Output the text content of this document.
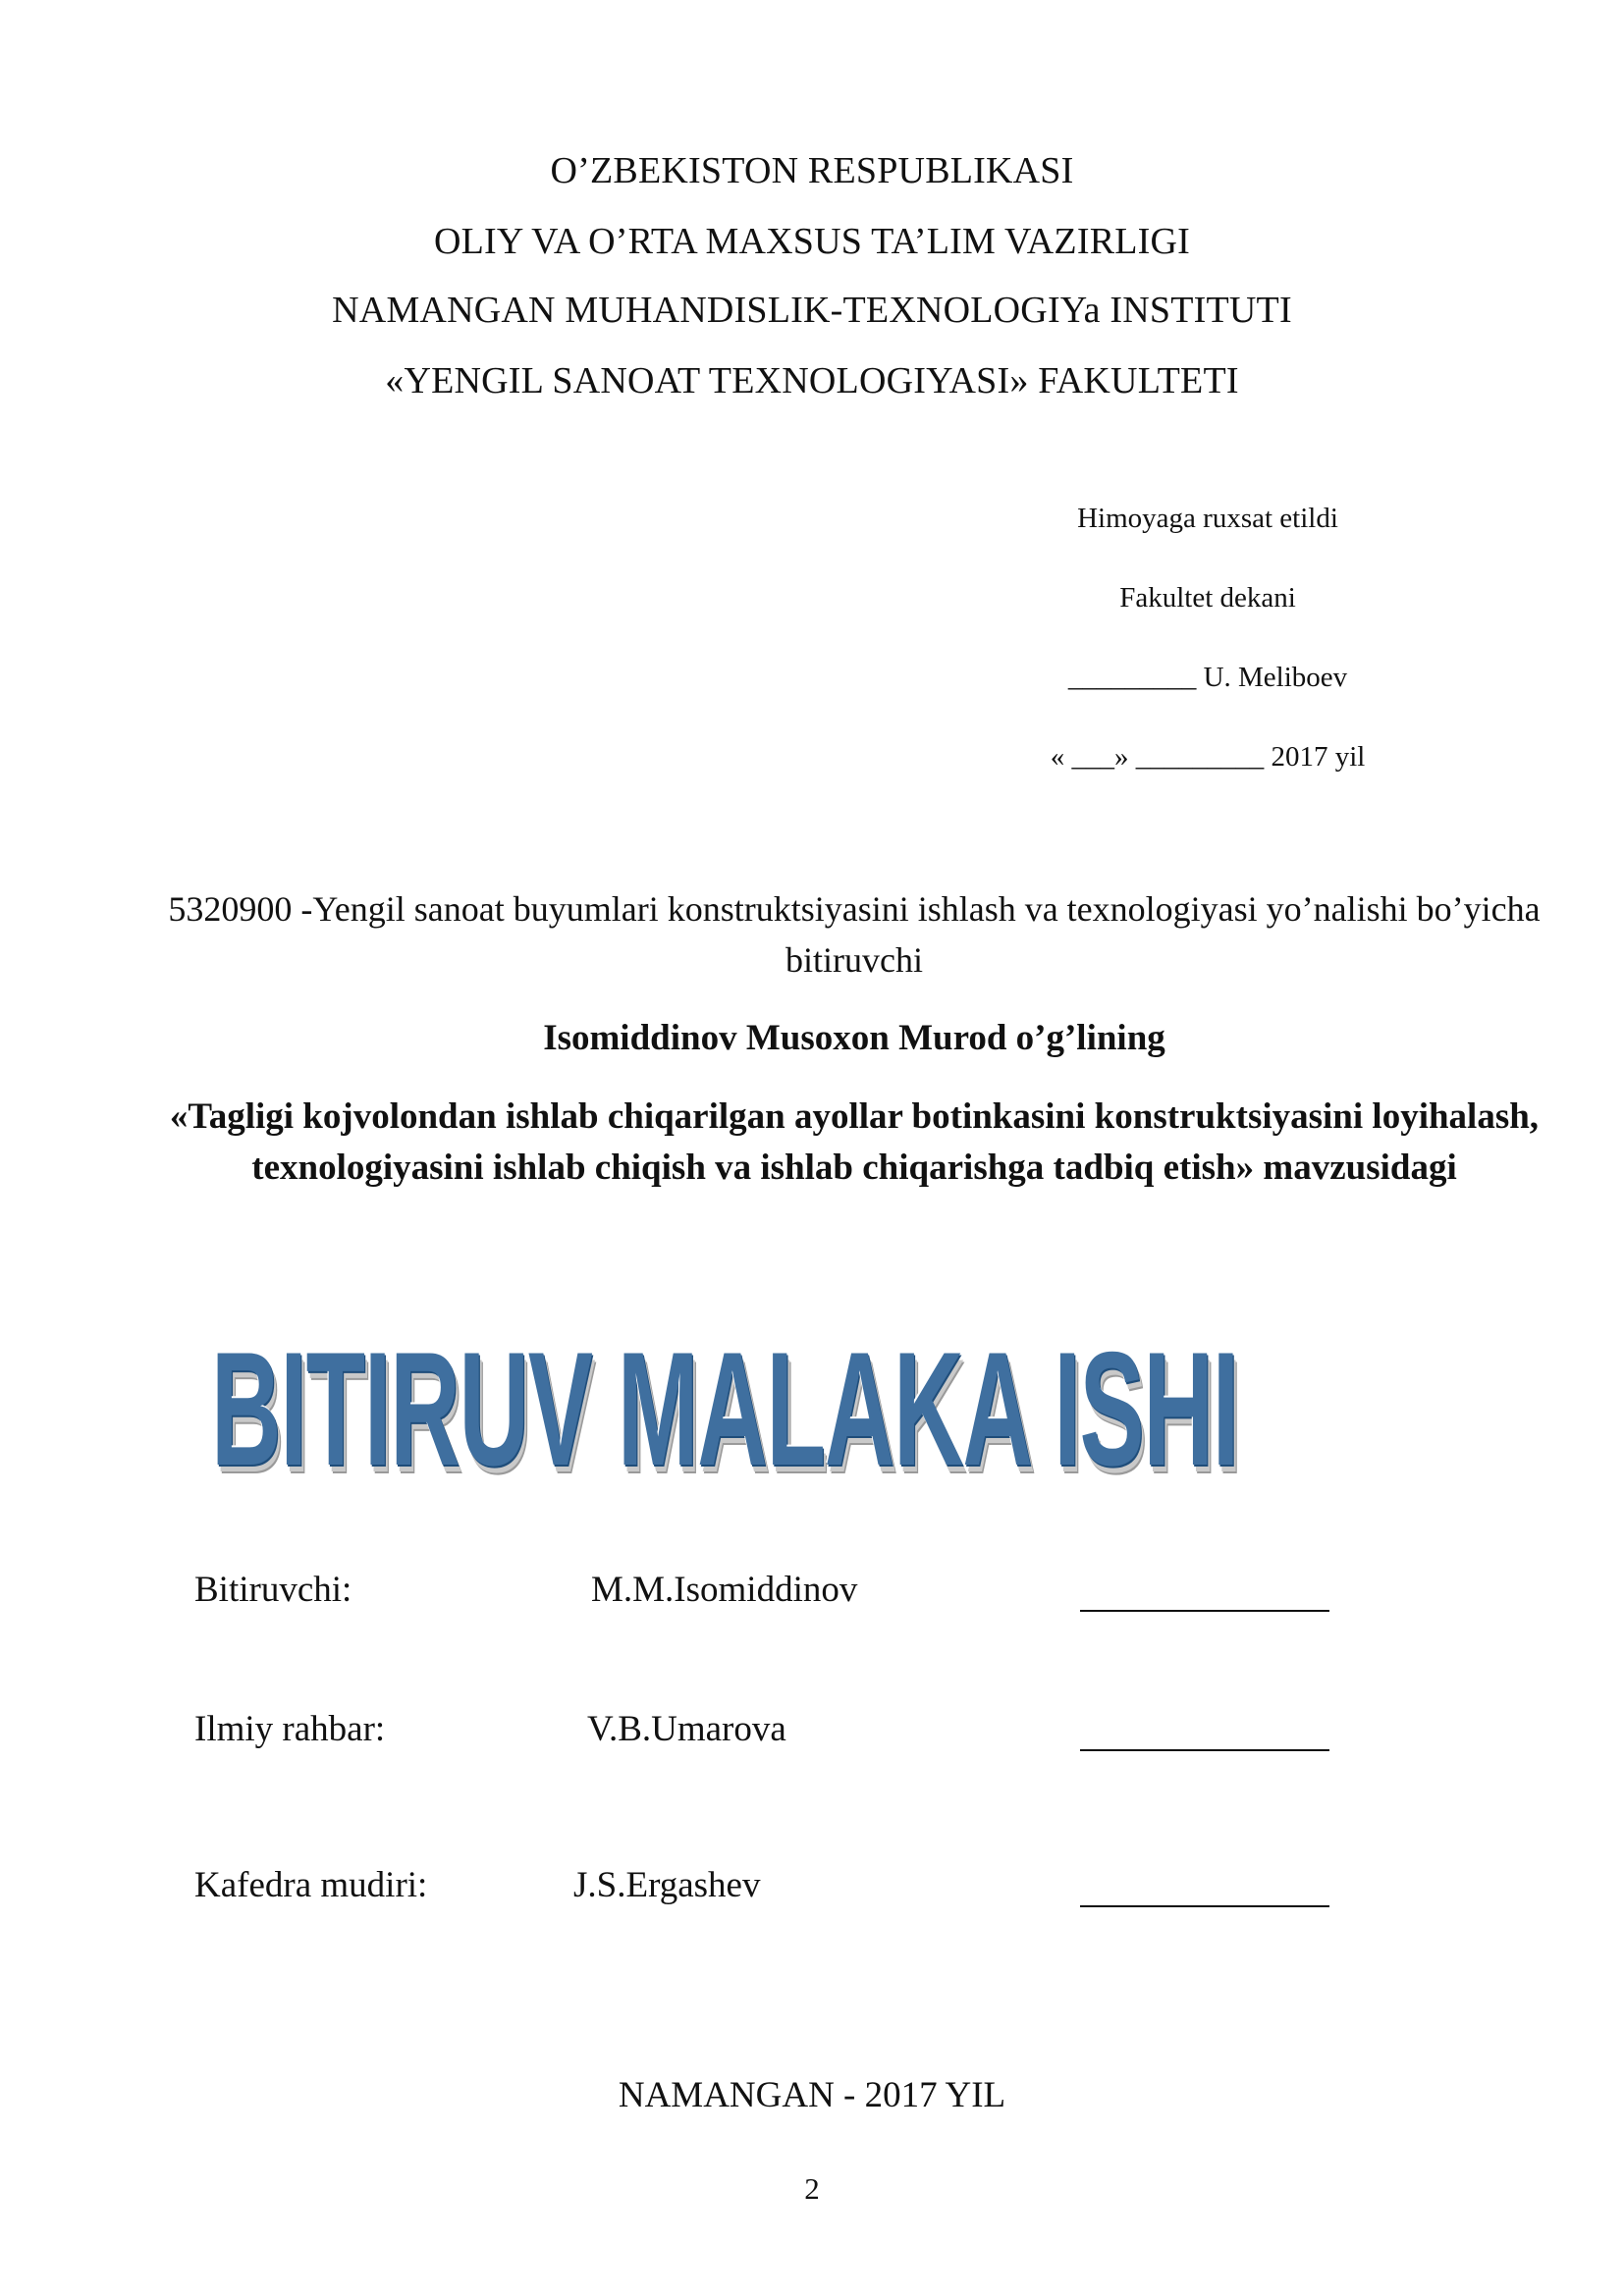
O’ZBEKISTON RESPUBLIKASI
OLIY VA O’RTA MAXSUS TA’LIM VAZIRLIGI
NAMANGAN MUHANDISLIK-TEXNOLOGIYa INSTITUTI
«YENGIL SANOAT TEXNOLOGIYASI» FAKULTETI
Himoyaga ruxsat etildi
Fakultet dekani
_________ U. Meliboev
« ___» _________ 2017 yil
5320900 -Yengil sanoat buyumlari konstruktsiyasini ishlash va texnologiyasi yo’nalishi bo’yicha bitiruvchi
Isomiddinov Musoxon Murod o’g’lining
«Tagligi kojvolondan ishlab chiqarilgan ayollar botinkasini konstruktsiyasini loyihalash, texnologiyasini ishlab chiqish va ishlab chiqarishga tadbiq etish» mavzusidagi
BITIRUV MALAKA ISHI
Bitiruvchi:	M.M.Isomiddinov
Ilmiy rahbar:	V.B.Umarova
Kafedra mudiri:	J.S.Ergashev
NAMANGAN - 2017 YIL
2
